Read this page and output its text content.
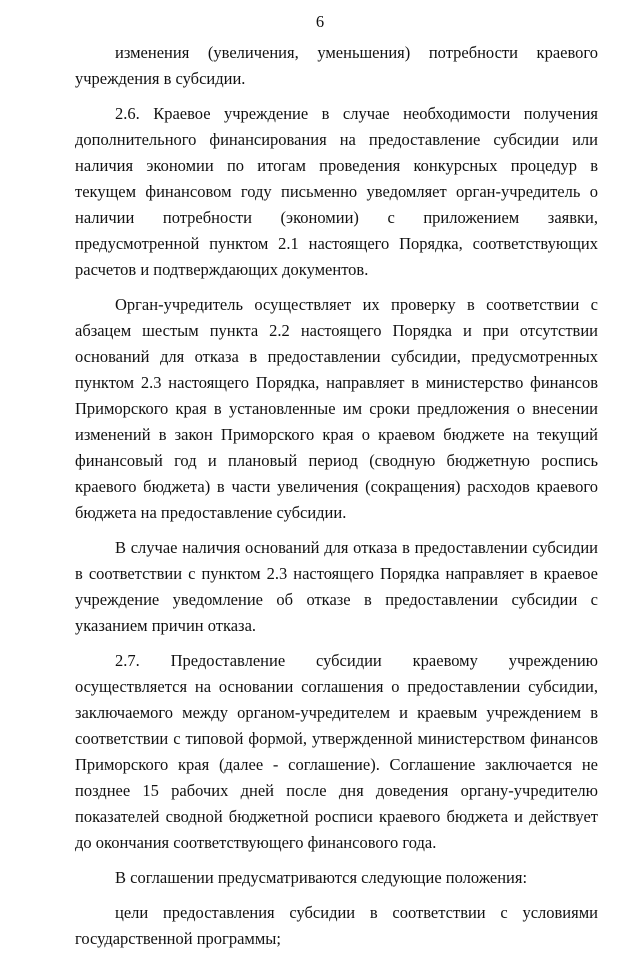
6

изменения (увеличения, уменьшения) потребности краевого учреждения в субсидии.

2.6. Краевое учреждение в случае необходимости получения дополнительного финансирования на предоставление субсидии или наличия экономии по итогам проведения конкурсных процедур в текущем финансовом году письменно уведомляет орган-учредитель о наличии потребности (экономии) с приложением заявки, предусмотренной пунктом 2.1 настоящего Порядка, соответствующих расчетов и подтверждающих документов.

Орган-учредитель осуществляет их проверку в соответствии с абзацем шестым пункта 2.2 настоящего Порядка и при отсутствии оснований для отказа в предоставлении субсидии, предусмотренных пунктом 2.3 настоящего Порядка, направляет в министерство финансов Приморского края в установленные им сроки предложения о внесении изменений в закон Приморского края о краевом бюджете на текущий финансовый год и плановый период (сводную бюджетную роспись краевого бюджета) в части увеличения (сокращения) расходов краевого бюджета на предоставление субсидии.

В случае наличия оснований для отказа в предоставлении субсидии в соответствии с пунктом 2.3 настоящего Порядка направляет в краевое учреждение уведомление об отказе в предоставлении субсидии с указанием причин отказа.

2.7. Предоставление субсидии краевому учреждению осуществляется на основании соглашения о предоставлении субсидии, заключаемого между органом-учредителем и краевым учреждением в соответствии с типовой формой, утвержденной министерством финансов Приморского края (далее - соглашение). Соглашение заключается не позднее 15 рабочих дней после дня доведения органу-учредителю показателей сводной бюджетной росписи краевого бюджета и действует до окончания соответствующего финансового года.

В соглашении предусматриваются следующие положения:

цели предоставления субсидии в соответствии с условиями государственной программы;
